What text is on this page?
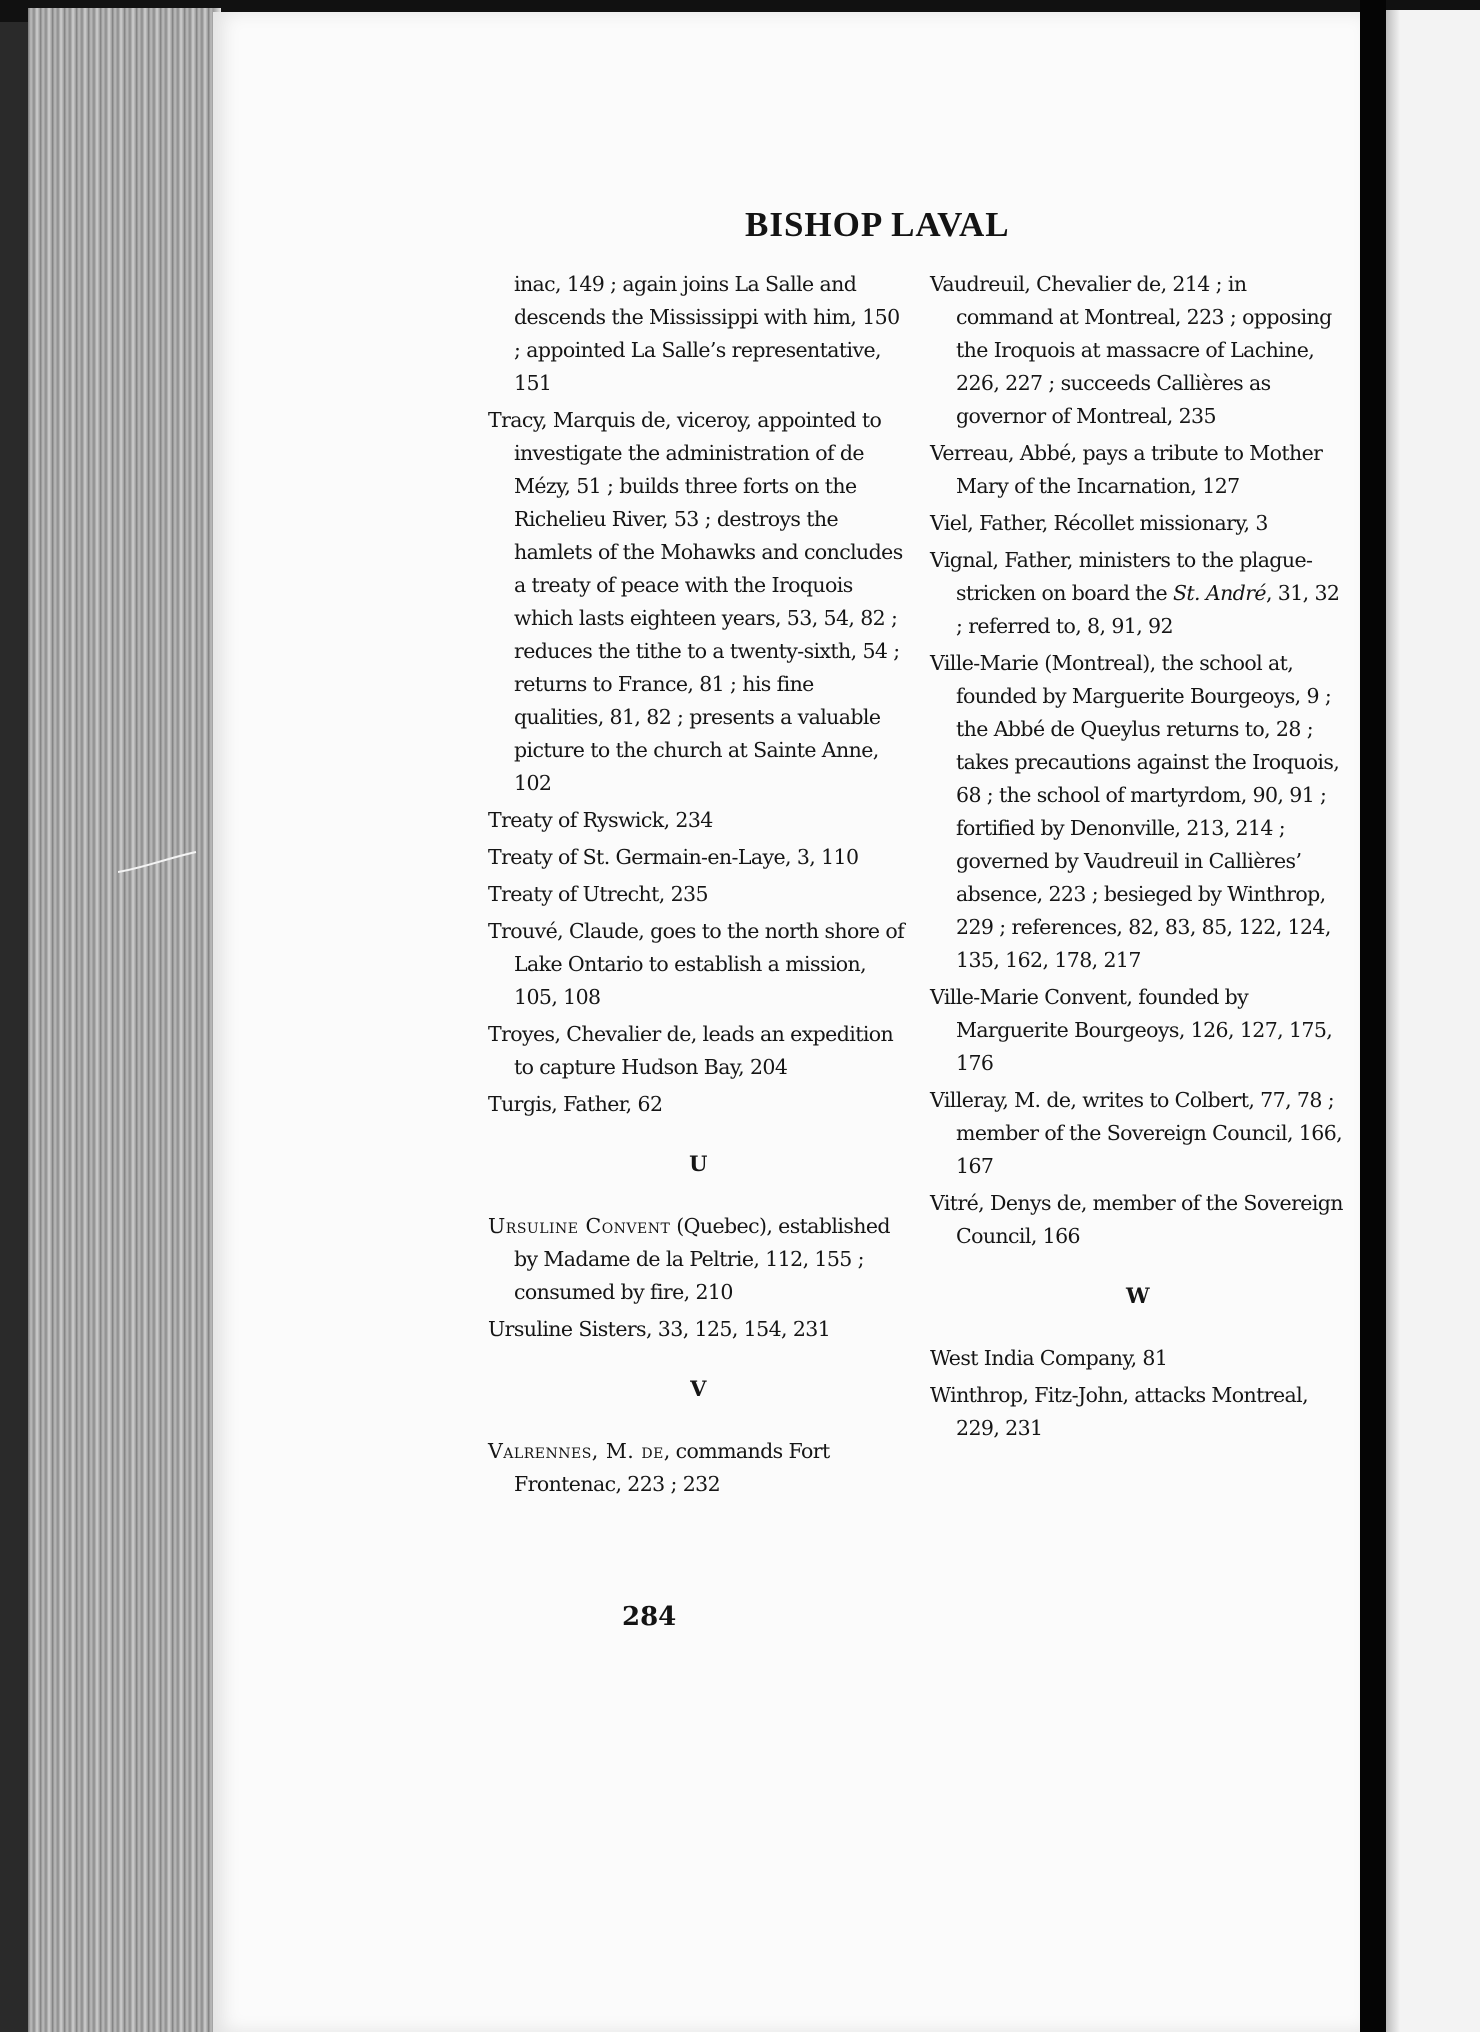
BISHOP LAVAL

inac, 149 ; again joins La Salle and descends the Mississippi with him, 150 ; appointed La Salle’s representative, 151

Tracy, Marquis de, viceroy, appointed to investigate the administration of de Mézy, 51 ; builds three forts on the Richelieu River, 53 ; destroys the hamlets of the Mohawks and concludes a treaty of peace with the Iroquois which lasts eighteen years, 53, 54, 82 ; reduces the tithe to a twenty-sixth, 54 ; returns to France, 81 ; his fine qualities, 81, 82 ; presents a valuable picture to the church at Sainte Anne, 102

Treaty of Ryswick, 234

Treaty of St. Germain-en-Laye, 3, 110

Treaty of Utrecht, 235

Trouvé, Claude, goes to the north shore of Lake Ontario to establish a mission, 105, 108

Troyes, Chevalier de, leads an expedition to capture Hudson Bay, 204

Turgis, Father, 62

U

Ursuline Convent (Quebec), established by Madame de la Peltrie, 112, 155 ; consumed by fire, 210

Ursuline Sisters, 33, 125, 154, 231

V

Valrennes, M. de, commands Fort Frontenac, 223 ; 232

Vaudreuil, Chevalier de, 214 ; in command at Montreal, 223 ; opposing the Iroquois at massacre of Lachine, 226, 227 ; succeeds Callières as governor of Montreal, 235

Verreau, Abbé, pays a tribute to Mother Mary of the Incarnation, 127

Viel, Father, Récollet missionary, 3

Vignal, Father, ministers to the plague-stricken on board the St. André, 31, 32 ; referred to, 8, 91, 92

Ville-Marie (Montreal), the school at, founded by Marguerite Bourgeoys, 9 ; the Abbé de Queylus returns to, 28 ; takes precautions against the Iroquois, 68 ; the school of martyrdom, 90, 91 ; fortified by Denonville, 213, 214 ; governed by Vaudreuil in Callières’ absence, 223 ; besieged by Winthrop, 229 ; references, 82, 83, 85, 122, 124, 135, 162, 178, 217

Ville-Marie Convent, founded by Marguerite Bourgeoys, 126, 127, 175, 176

Villeray, M. de, writes to Colbert, 77, 78 ; member of the Sovereign Council, 166, 167

Vitré, Denys de, member of the Sovereign Council, 166

W

West India Company, 81

Winthrop, Fitz-John, attacks Montreal, 229, 231

284
